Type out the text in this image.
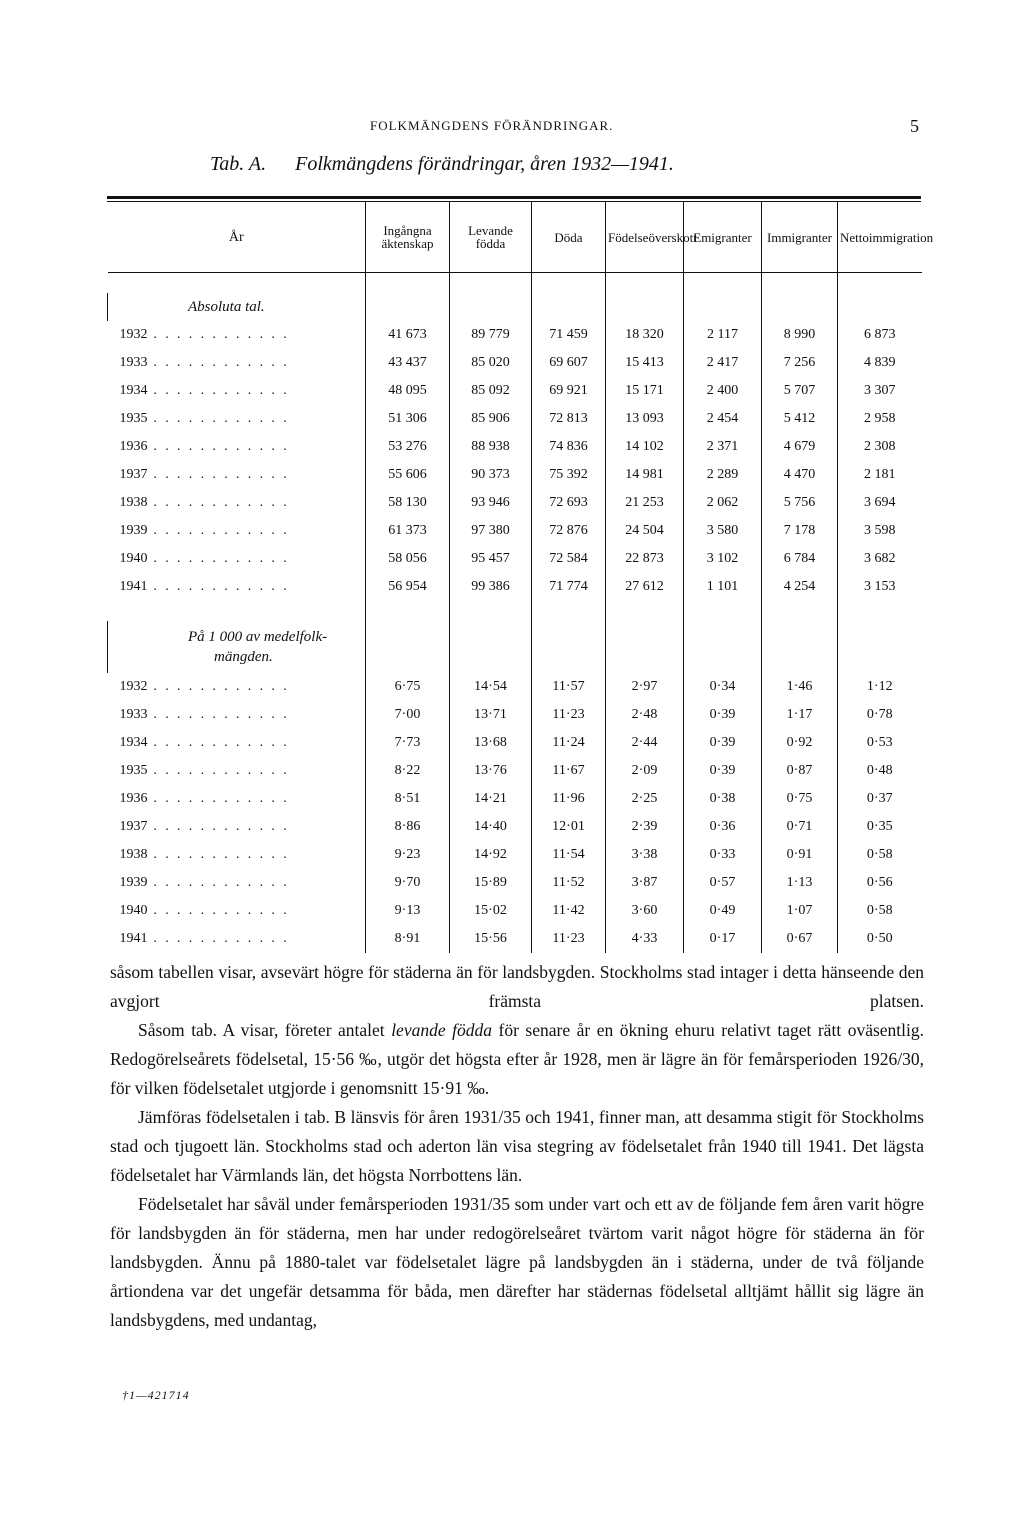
FOLKMÄNGDENS FÖRÄNDRINGAR.	5
Tab. A. Folkmängdens förändringar, åren 1932—1941.
År	Ingångna äktenskap	Levande födda	Döda	Födelseöverskott	Emigranter	Immigranter	Nettoimmigration

Absoluta tal.							
1932 . . . . . . . . . . . .	41 673	89 779	71 459	18 320	2 117	8 990	6 873
1933 . . . . . . . . . . . .	43 437	85 020	69 607	15 413	2 417	7 256	4 839
1934 . . . . . . . . . . . .	48 095	85 092	69 921	15 171	2 400	5 707	3 307
1935 . . . . . . . . . . . .	51 306	85 906	72 813	13 093	2 454	5 412	2 958
1936 . . . . . . . . . . . .	53 276	88 938	74 836	14 102	2 371	4 679	2 308
1937 . . . . . . . . . . . .	55 606	90 373	75 392	14 981	2 289	4 470	2 181
1938 . . . . . . . . . . . .	58 130	93 946	72 693	21 253	2 062	5 756	3 694
1939 . . . . . . . . . . . .	61 373	97 380	72 876	24 504	3 580	7 178	3 598
1940 . . . . . . . . . . . .	58 056	95 457	72 584	22 873	3 102	6 784	3 682
1941 . . . . . . . . . . . .	56 954	99 386	71 774	27 612	1 101	4 254	3 153

På 1 000 av medelfolk-
mängden.							

1932 . . . . . . . . . . . .	6·75	14·54	11·57	2·97	0·34	1·46	1·12
1933 . . . . . . . . . . . .	7·00	13·71	11·23	2·48	0·39	1·17	0·78
1934 . . . . . . . . . . . .	7·73	13·68	11·24	2·44	0·39	0·92	0·53
1935 . . . . . . . . . . . .	8·22	13·76	11·67	2·09	0·39	0·87	0·48
1936 . . . . . . . . . . . .	8·51	14·21	11·96	2·25	0·38	0·75	0·37
1937 . . . . . . . . . . . .	8·86	14·40	12·01	2·39	0·36	0·71	0·35
1938 . . . . . . . . . . . .	9·23	14·92	11·54	3·38	0·33	0·91	0·58
1939 . . . . . . . . . . . .	9·70	15·89	11·52	3·87	0·57	1·13	0·56
1940 . . . . . . . . . . . .	9·13	15·02	11·42	3·60	0·49	1·07	0·58
1941 . . . . . . . . . . . .	8·91	15·56	11·23	4·33	0·17	0·67	0·50

såsom tabellen visar, avsevärt högre för städerna än för landsbygden. Stockholms stad intager i detta hänseende den avgjort främsta platsen.

Såsom tab. A visar, företer antalet levande födda för senare år en ökning ehuru relativt taget rätt oväsentlig. Redogörelseårets födelsetal, 15·56 ‰, utgör det högsta efter år 1928, men är lägre än för femårsperioden 1926/30, för vilken födelsetalet utgjorde i genomsnitt 15·91 ‰.

Jämföras födelsetalen i tab. B länsvis för åren 1931/35 och 1941, finner man, att desamma stigit för Stockholms stad och tjugoett län. Stockholms stad och aderton län visa stegring av födelsetalet från 1940 till 1941. Det lägsta födelsetalet har Värmlands län, det högsta Norrbottens län.

Födelsetalet har såväl under femårsperioden 1931/35 som under vart och ett av de följande fem åren varit högre för landsbygden än för städerna, men har under redogörelseåret tvärtom varit något högre för städerna än för landsbygden. Ännu på 1880-talet var födelsetalet lägre på landsbygden än i städerna, under de två följande årtiondena var det ungefär detsamma för båda, men därefter har städernas födelsetal alltjämt hållit sig lägre än landsbygdens, med undantag,

†1—421714
